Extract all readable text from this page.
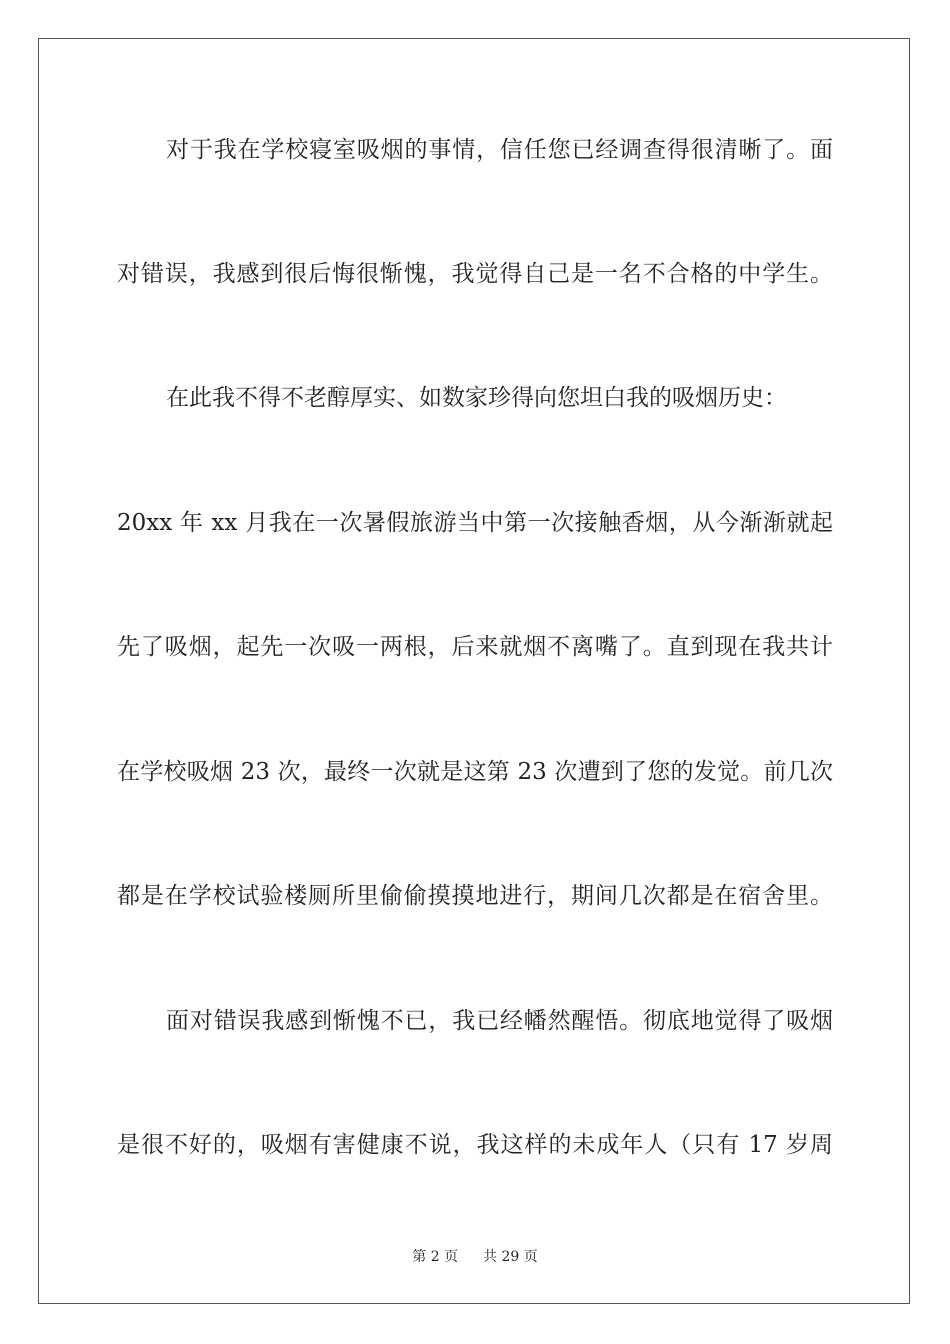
对于我在学校寝室吸烟的事情，信任您已经调查得很清晰了。面
对错误，我感到很后悔很惭愧，我觉得自己是一名不合格的中学生。
在此我不得不老醇厚实、如数家珍得向您坦白我的吸烟历史：
20xx 年 xx 月我在一次暑假旅游当中第一次接触香烟，从今渐渐就起
先了吸烟，起先一次吸一两根，后来就烟不离嘴了。直到现在我共计
在学校吸烟 23 次，最终一次就是这第 23 次遭到了您的发觉。前几次
都是在学校试验楼厕所里偷偷摸摸地进行，期间几次都是在宿舍里。
面对错误我感到惭愧不已，我已经幡然醒悟。彻底地觉得了吸烟
是很不好的，吸烟有害健康不说，我这样的未成年人（只有 17 岁周
第 2 页 共 29 页
